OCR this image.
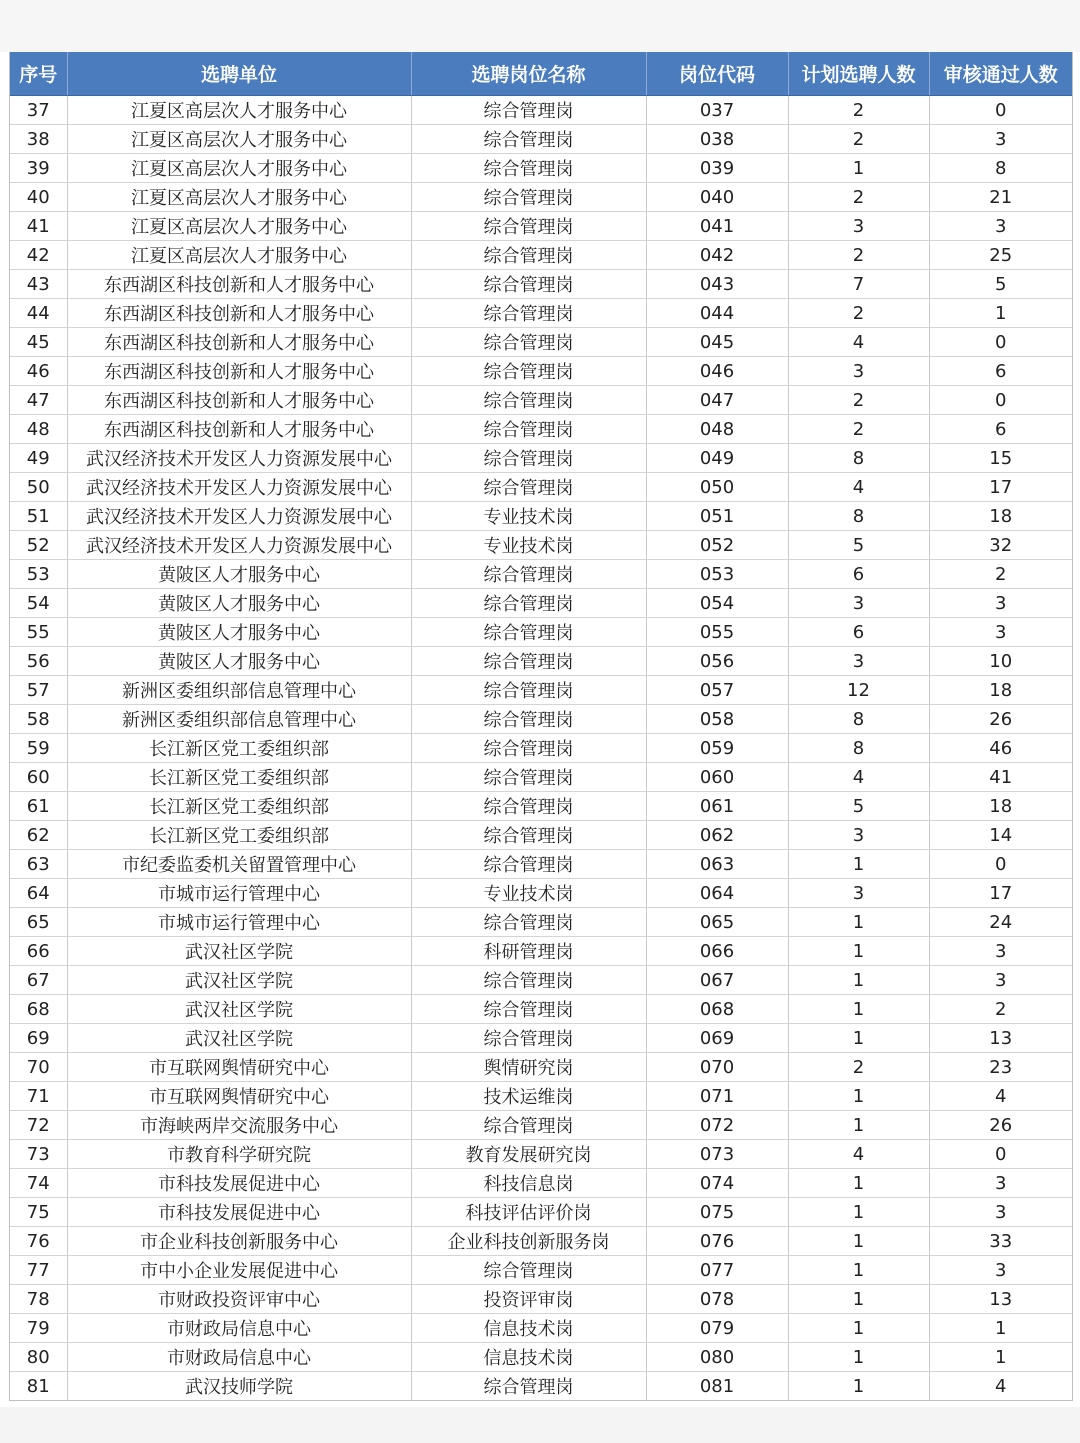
序号	选聘单位	选聘岗位名称	岗位代码	计划选聘人数	审核通过人数
37	江夏区高层次人才服务中心	综合管理岗	037	2	0
38	江夏区高层次人才服务中心	综合管理岗	038	2	3
39	江夏区高层次人才服务中心	综合管理岗	039	1	8
40	江夏区高层次人才服务中心	综合管理岗	040	2	21
41	江夏区高层次人才服务中心	综合管理岗	041	3	3
42	江夏区高层次人才服务中心	综合管理岗	042	2	25
43	东西湖区科技创新和人才服务中心	综合管理岗	043	7	5
44	东西湖区科技创新和人才服务中心	综合管理岗	044	2	1
45	东西湖区科技创新和人才服务中心	综合管理岗	045	4	0
46	东西湖区科技创新和人才服务中心	综合管理岗	046	3	6
47	东西湖区科技创新和人才服务中心	综合管理岗	047	2	0
48	东西湖区科技创新和人才服务中心	综合管理岗	048	2	6
49	武汉经济技术开发区人力资源发展中心	综合管理岗	049	8	15
50	武汉经济技术开发区人力资源发展中心	综合管理岗	050	4	17
51	武汉经济技术开发区人力资源发展中心	专业技术岗	051	8	18
52	武汉经济技术开发区人力资源发展中心	专业技术岗	052	5	32
53	黄陂区人才服务中心	综合管理岗	053	6	2
54	黄陂区人才服务中心	综合管理岗	054	3	3
55	黄陂区人才服务中心	综合管理岗	055	6	3
56	黄陂区人才服务中心	综合管理岗	056	3	10
57	新洲区委组织部信息管理中心	综合管理岗	057	12	18
58	新洲区委组织部信息管理中心	综合管理岗	058	8	26
59	长江新区党工委组织部	综合管理岗	059	8	46
60	长江新区党工委组织部	综合管理岗	060	4	41
61	长江新区党工委组织部	综合管理岗	061	5	18
62	长江新区党工委组织部	综合管理岗	062	3	14
63	市纪委监委机关留置管理中心	综合管理岗	063	1	0
64	市城市运行管理中心	专业技术岗	064	3	17
65	市城市运行管理中心	综合管理岗	065	1	24
66	武汉社区学院	科研管理岗	066	1	3
67	武汉社区学院	综合管理岗	067	1	3
68	武汉社区学院	综合管理岗	068	1	2
69	武汉社区学院	综合管理岗	069	1	13
70	市互联网舆情研究中心	舆情研究岗	070	2	23
71	市互联网舆情研究中心	技术运维岗	071	1	4
72	市海峡两岸交流服务中心	综合管理岗	072	1	26
73	市教育科学研究院	教育发展研究岗	073	4	0
74	市科技发展促进中心	科技信息岗	074	1	3
75	市科技发展促进中心	科技评估评价岗	075	1	3
76	市企业科技创新服务中心	企业科技创新服务岗	076	1	33
77	市中小企业发展促进中心	综合管理岗	077	1	3
78	市财政投资评审中心	投资评审岗	078	1	13
79	市财政局信息中心	信息技术岗	079	1	1
80	市财政局信息中心	信息技术岗	080	1	1
81	武汉技师学院	综合管理岗	081	1	4
